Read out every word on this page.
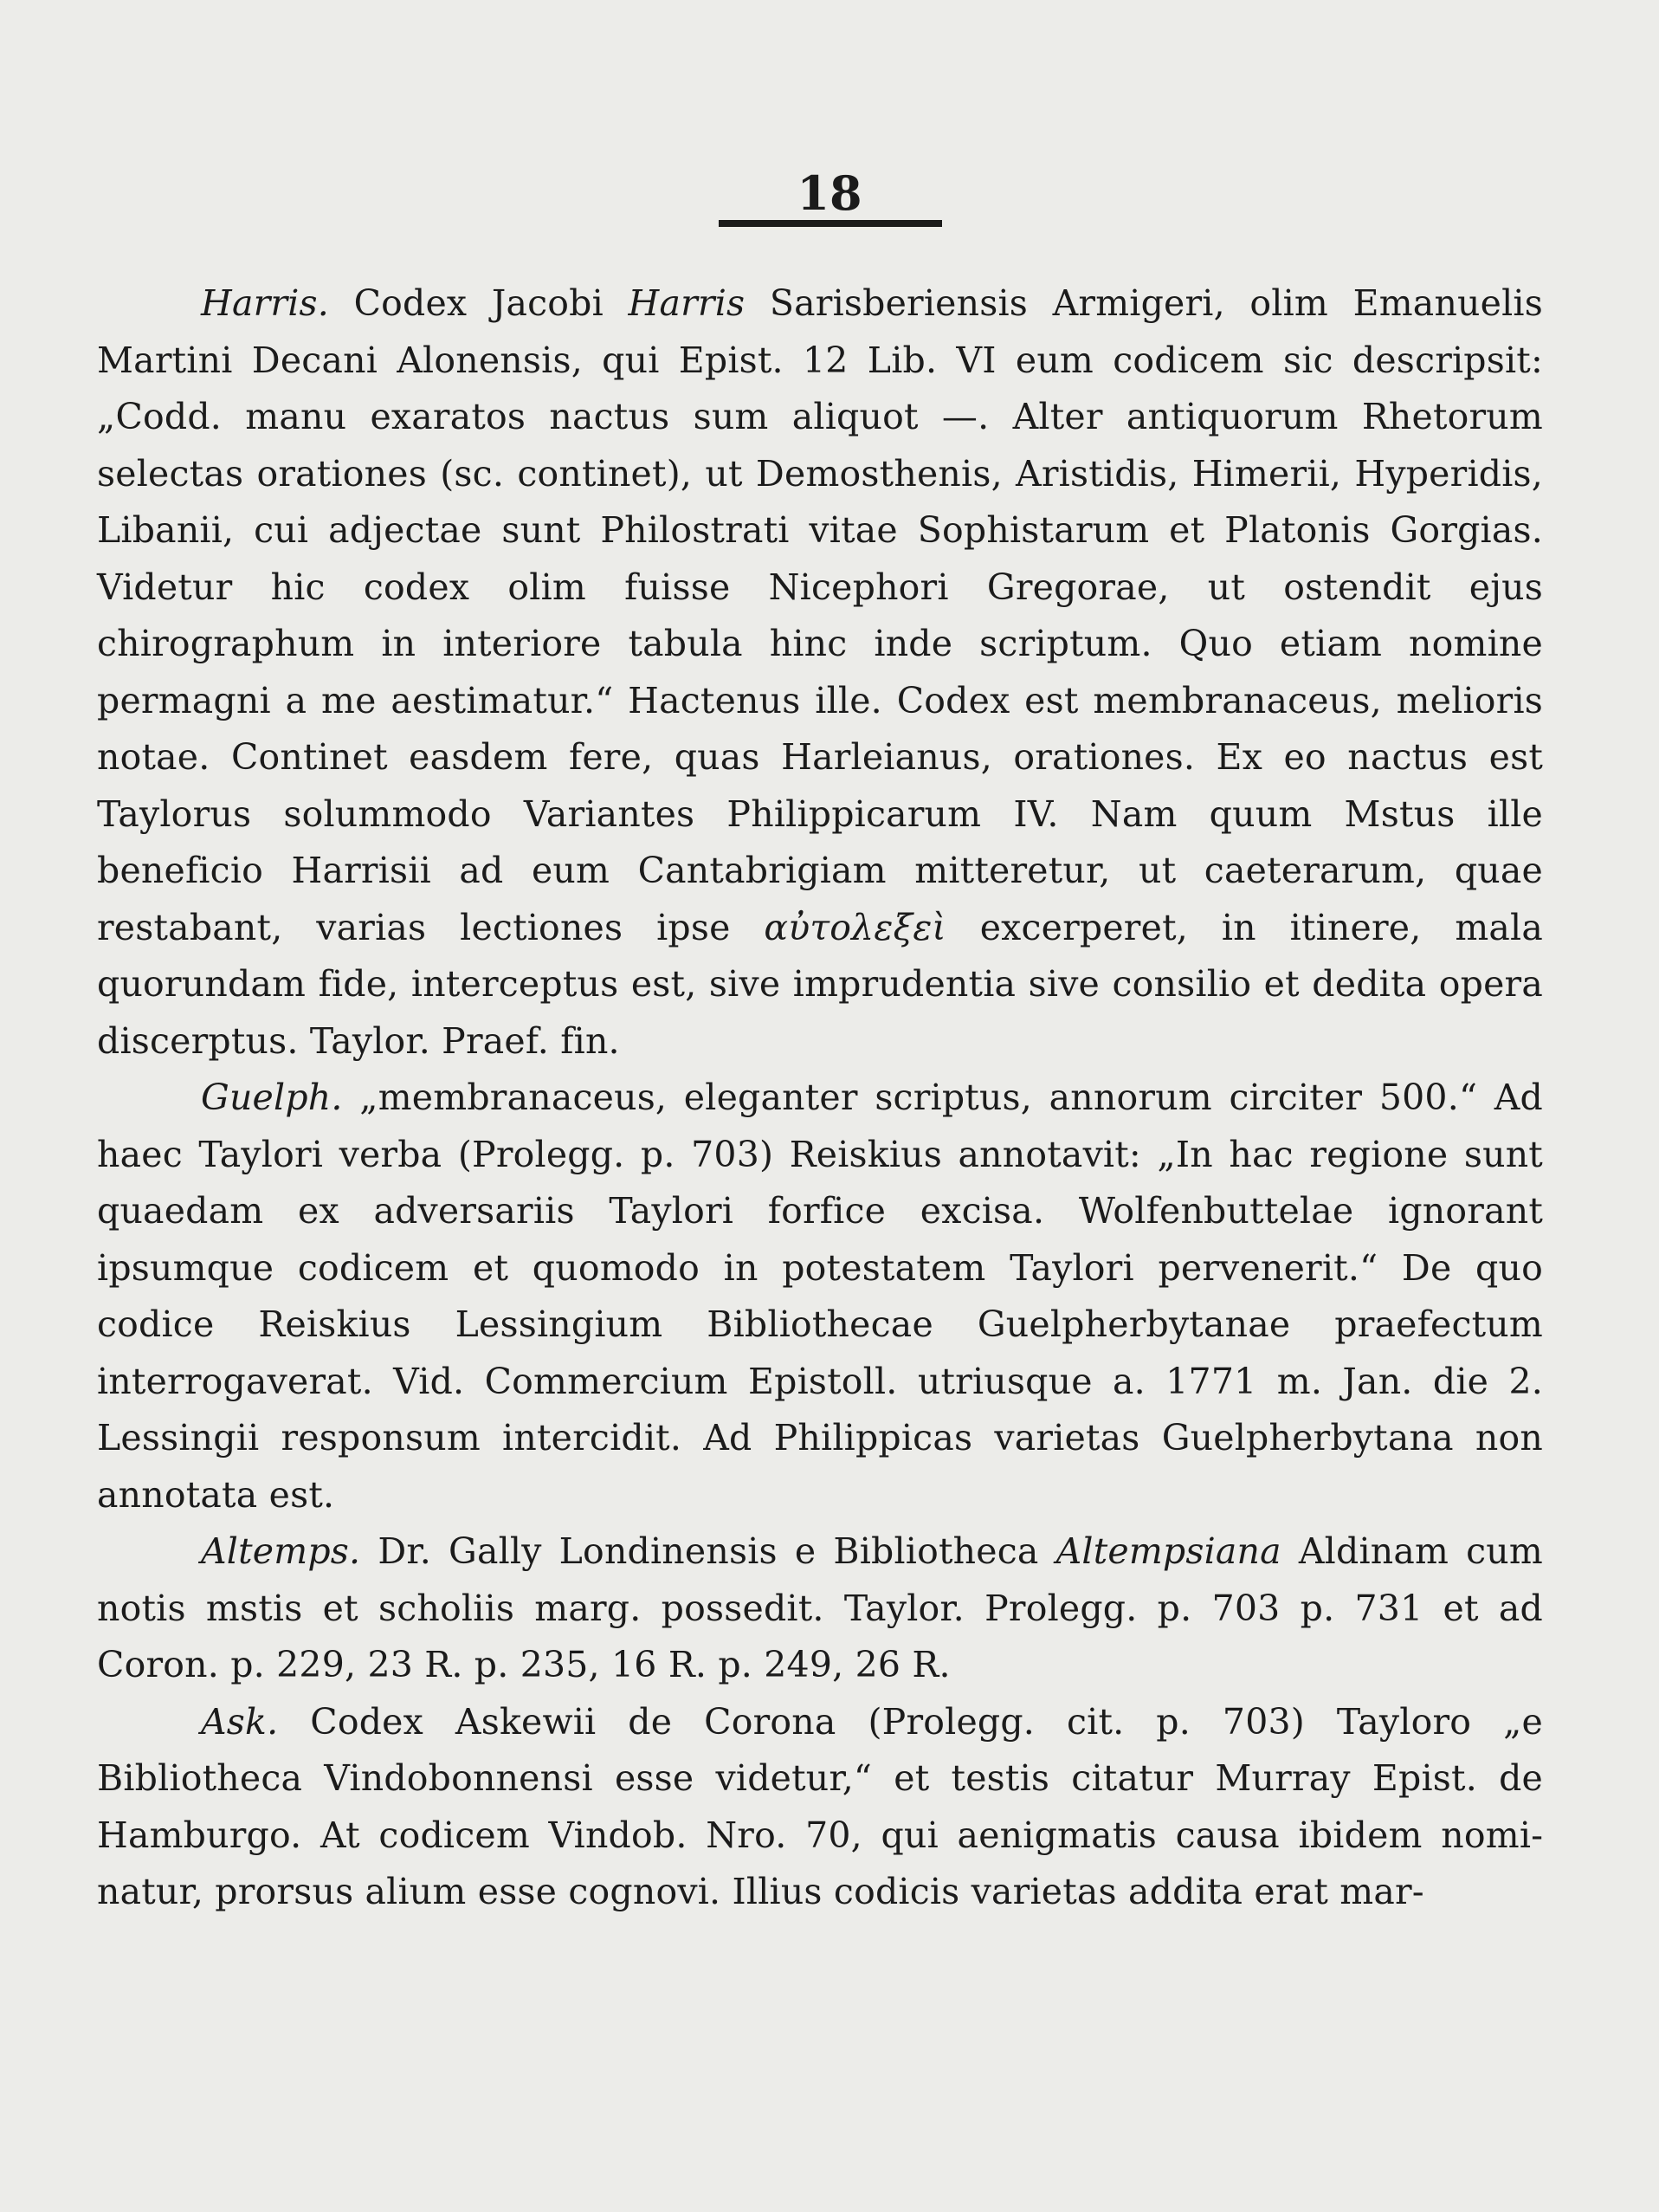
18

Harris. Codex Jacobi Harris Sarisberiensis Armigeri, olim Emanuelis Martini Decani Alonensis, qui Epist. 12 Lib. VI eum codicem sic descripsit: „Codd. manu exaratos nactus sum aliquot —. Alter antiquorum Rhetorum selectas orationes (sc. continet), ut Demosthenis, Aristidis, Himerii, Hyperidis, Libanii, cui adjectae sunt Philostrati vitae Sophistarum et Platonis Gorgias. Videtur hic codex olim fuisse Nicephori Gregorae, ut ostendit ejus chirographum in interiore tabula hinc inde scriptum. Quo etiam nomine permagni a me aestimatur.“ Hactenus ille. Codex est membranaceus, melioris notae. Continet easdem fere, quas Harleianus, orationes. Ex eo nactus est Taylorus solummodo Variantes Philippicarum IV. Nam quum Mstus ille beneficio Harrisii ad eum Cantabrigiam mitteretur, ut caeterarum, quae restabant, varias lectiones ipse αὐτολεξεὶ excerperet, in itinere, mala quorundam fide, interceptus est, sive imprudentia sive consilio et dedita opera discerptus. Taylor. Praef. fin.

Guelph. „membranaceus, eleganter scriptus, annorum circiter 500.“ Ad haec Taylori verba (Prolegg. p. 703) Reiskius annotavit: „In hac regione sunt quaedam ex adversariis Taylori forfice excisa. Wolfenbuttelae ignorant ipsumque codicem et quomodo in potestatem Taylori pervenerit.“ De quo codice Reiskius Lessingium Bibliothecae Guelpherbytanae praefectum interrogaverat. Vid. Commercium Epistoll. utriusque a. 1771 m. Jan. die 2. Lessingii responsum intercidit. Ad Philippicas varietas Guelpherbytana non annotata est.

Altemps. Dr. Gally Londinensis e Bibliotheca Altempsiana Aldinam cum notis mstis et scholiis marg. possedit. Taylor. Prolegg. p. 703 p. 731 et ad Coron. p. 229, 23 R. p. 235, 16 R. p. 249, 26 R.

Ask. Codex Askewii de Corona (Prolegg. cit. p. 703) Tayloro „e Bibliotheca Vindobonnensi esse videtur,“ et testis citatur Murray Epist. de Hamburgo. At codicem Vindob. Nro. 70, qui aenigmatis causa ibidem nominatur, prorsus alium esse cognovi. Illius codicis varietas addita erat mar-
